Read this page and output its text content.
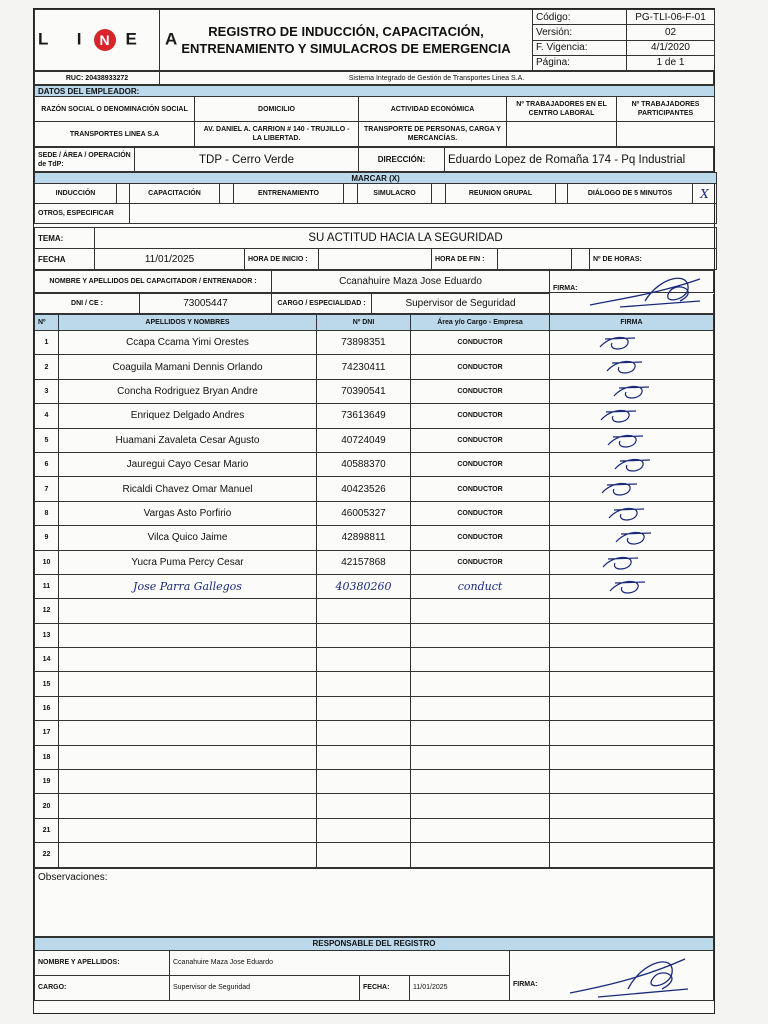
L I N E A	REGISTRO DE INDUCCIÓN, CAPACITACIÓN,
ENTRENAMIENTO Y SIMULACROS DE EMERGENCIA	Código:	PG-TLI-06-F-01
		Versión:	02
		F. Vigencia:	4/1/2020
		Página:	1 de 1
RUC: 20438933272	Sistema Integrado de Gestión de Transportes Linea S.A.
DATOS DEL EMPLEADOR:				
RAZÓN SOCIAL O DENOMINACIÓN SOCIAL	DOMICILIO	ACTIVIDAD ECONÓMICA	Nº TRABAJADORES EN EL CENTRO LABORAL	Nº TRABAJADORES PARTICIPANTES
TRANSPORTES LINEA S.A	AV. DANIEL A. CARRION # 140 - TRUJILLO - LA LIBERTAD.	TRANSPORTE DE PERSONAS, CARGA Y MERCANCÍAS.		
SEDE / ÁREA / OPERACIÓN de TdP:	TDP - Cerro Verde	DIRECCIÓN:	Eduardo Lopez de Romaña 174 - Pq Industrial
MARCAR (X)											
INDUCCIÓN		CAPACITACIÓN		ENTRENAMIENTO		SIMULACRO		REUNION GRUPAL		DIÁLOGO DE 5 MINUTOS	X
OTROS, ESPECIFICAR											
TEMA:	SU ACTITUD HACIA LA SEGURIDAD						
FECHA	11/01/2025	HORA DE INICIO :		HORA DE FIN :			Nº DE HORAS:
NOMBRE Y APELLIDOS DEL CAPACITADOR / ENTRENADOR :	Ccanahuire Maza Jose Eduardo	
FIRMA:
DNI / CE :	73005447	CARGO / ESPECIALIDAD :	Supervisor de Seguridad	
Nº	APELLIDOS Y NOMBRES	Nº DNI	Área y/o Cargo - Empresa	FIRMA
1	Ccapa Ccama Yimi Orestes	73898351	CONDUCTOR	

2	Coaguila Mamani Dennis Orlando	74230411	CONDUCTOR	

3	Concha Rodriguez Bryan Andre	70390541	CONDUCTOR	

4	Enriquez Delgado Andres	73613649	CONDUCTOR	

5	Huamani Zavaleta Cesar Agusto	40724049	CONDUCTOR	

6	Jauregui Cayo Cesar Mario	40588370	CONDUCTOR	

7	Ricaldi Chavez Omar Manuel	40423526	CONDUCTOR	

8	Vargas Asto Porfirio	46005327	CONDUCTOR	

9	Vilca Quico Jaime	42898811	CONDUCTOR	

10	Yucra Puma Percy Cesar	42157868	CONDUCTOR	

11	Jose Parra Gallegos	40380260	conduct	

12				
13				
14				
15				
16				
17				
18				
19				
20				
21				
22				
Observaciones:
RESPONSABLE DEL REGISTRO				
NOMBRE Y APELLIDOS:	Ccanahuire Maza Jose Eduardo			FIRMA:

CARGO:	Supervisor de Seguridad	FECHA:	11/01/2025	
